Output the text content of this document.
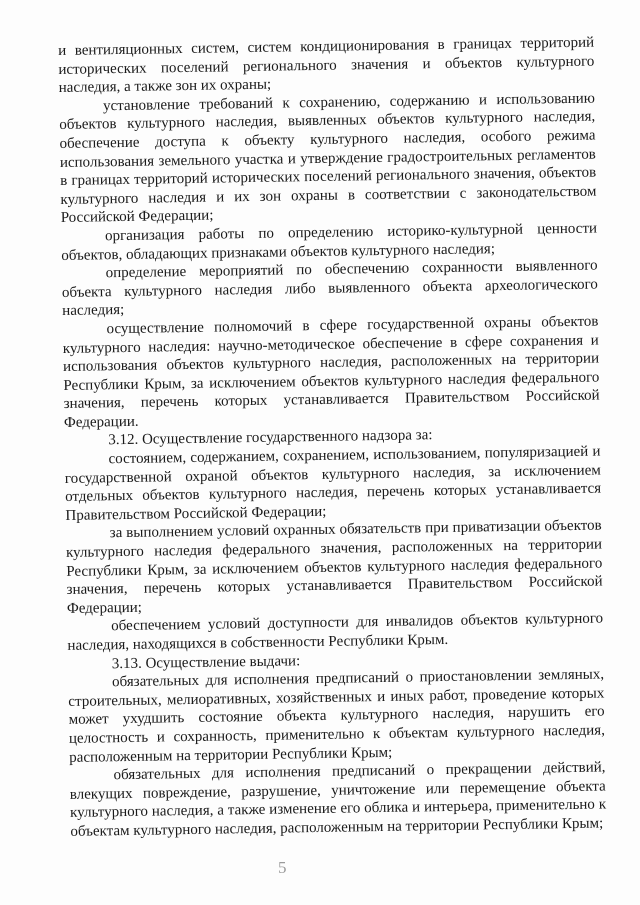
и вентиляционных систем, систем кондиционирования в границах территорий исторических поселений регионального значения и объектов культурного наследия, а также зон их охраны;

установление требований к сохранению, содержанию и использованию объектов культурного наследия, выявленных объектов культурного наследия, обеспечение доступа к объекту культурного наследия, особого режима использования земельного участка и утверждение градостроительных регламентов в границах территорий исторических поселений регионального значения, объектов культурного наследия и их зон охраны в соответствии с законодательством Российской Федерации;

организация работы по определению историко-культурной ценности объектов, обладающих признаками объектов культурного наследия;

определение мероприятий по обеспечению сохранности выявленного объекта культурного наследия либо выявленного объекта археологического наследия;

осуществление полномочий в сфере государственной охраны объектов культурного наследия: научно-методическое обеспечение в сфере сохранения и использования объектов культурного наследия, расположенных на территории Республики Крым, за исключением объектов культурного наследия федерального значения, перечень которых устанавливается Правительством Российской Федерации.

3.12. Осуществление государственного надзора за:

состоянием, содержанием, сохранением, использованием, популяризацией и государственной охраной объектов культурного наследия, за исключением отдельных объектов культурного наследия, перечень которых устанавливается Правительством Российской Федерации;

за выполнением условий охранных обязательств при приватизации объектов культурного наследия федерального значения, расположенных на территории Республики Крым, за исключением объектов культурного наследия федерального значения, перечень которых устанавливается Правительством Российской Федерации;

обеспечением условий доступности для инвалидов объектов культурного наследия, находящихся в собственности Республики Крым.

3.13. Осуществление выдачи:

обязательных для исполнения предписаний о приостановлении земляных, строительных, мелиоративных, хозяйственных и иных работ, проведение которых может ухудшить состояние объекта культурного наследия, нарушить его целостность и сохранность, применительно к объектам культурного наследия, расположенным на территории Республики Крым;

обязательных для исполнения предписаний о прекращении действий, влекущих повреждение, разрушение, уничтожение или перемещение объекта культурного наследия, а также изменение его облика и интерьера, применительно к объектам культурного наследия, расположенным на территории Республики Крым;

5
